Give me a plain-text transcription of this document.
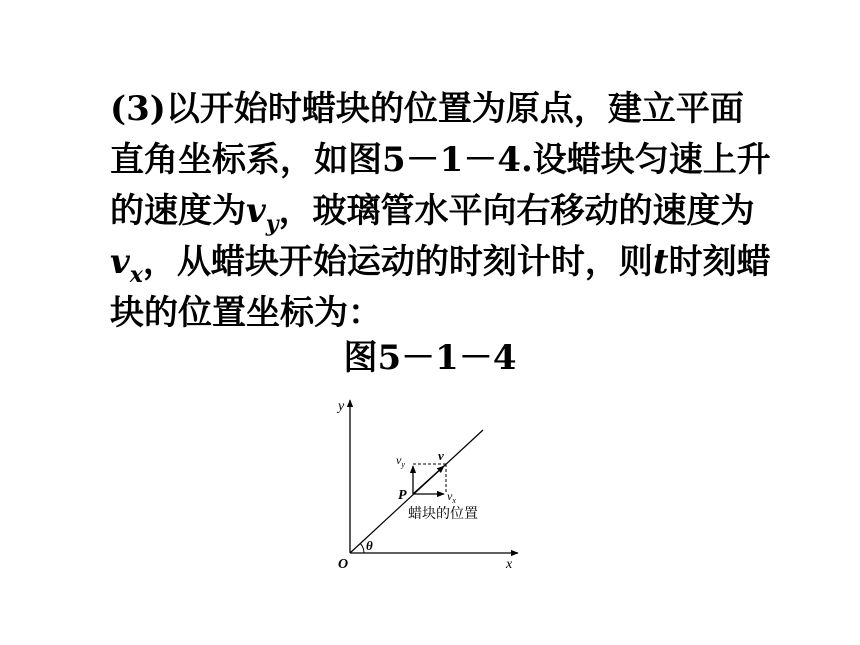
(3)以开始时蜡块的位置为原点，建立平面
直角坐标系，如图5－1－4.设蜡块匀速上升
的速度为$v_y$，玻璃管水平向右移动的速度为
$v_x$，从蜡块开始运动的时刻计时，则t时刻蜡
块的位置坐标为：
图5－1－4
y
x
O
θ
P
$v_y$
v
$v_x$
蜡块的位置
